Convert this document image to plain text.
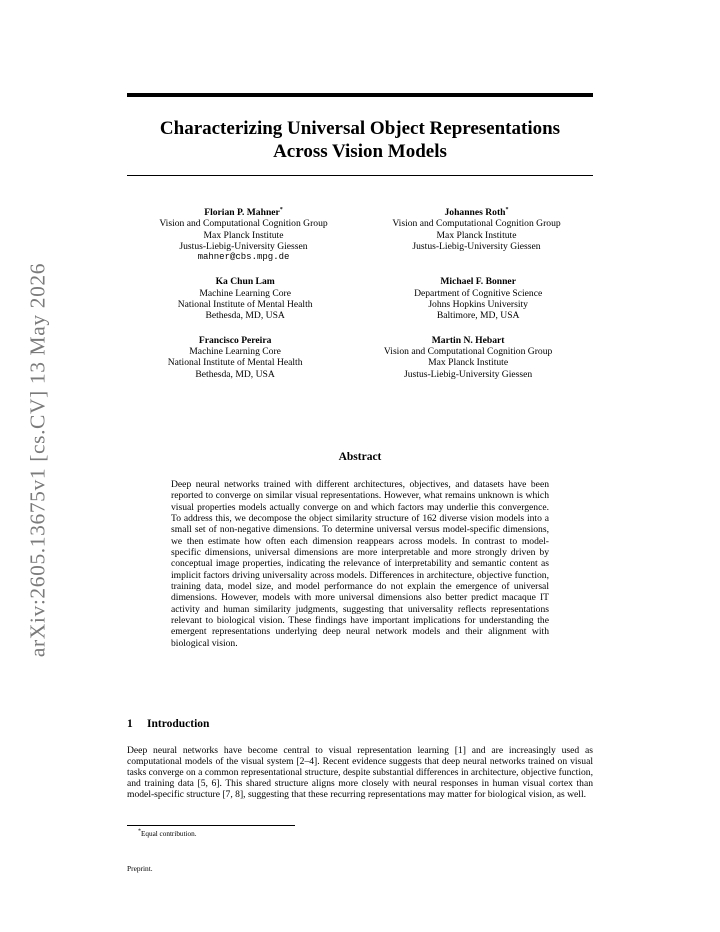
arXiv:2605.13675v1 [cs.CV] 13 May 2026
Characterizing Universal Object Representations
Across Vision Models
Florian P. Mahner*
Vision and Computational Cognition Group
Max Planck Institute
Justus-Liebig-University Giessen
mahner@cbs.mpg.de
Johannes Roth*
Vision and Computational Cognition Group
Max Planck Institute
Justus-Liebig-University Giessen
Ka Chun Lam
Machine Learning Core
National Institute of Mental Health
Bethesda, MD, USA
Michael F. Bonner
Department of Cognitive Science
Johns Hopkins University
Baltimore, MD, USA
Francisco Pereira
Machine Learning Core
National Institute of Mental Health
Bethesda, MD, USA
Martin N. Hebart
Vision and Computational Cognition Group
Max Planck Institute
Justus-Liebig-University Giessen
Abstract
Deep neural networks trained with different architectures, objectives, and datasets have been reported to converge on similar visual representations. However, what remains unknown is which visual properties models actually converge on and which factors may underlie this convergence. To address this, we decompose the object similarity structure of 162 diverse vision models into a small set of non-negative dimensions. To determine universal versus model-specific dimensions, we then estimate how often each dimension reappears across models. In contrast to model-specific dimensions, universal dimensions are more interpretable and more strongly driven by conceptual image properties, indicating the relevance of interpretability and semantic content as implicit factors driving universality across models. Differences in architecture, objective function, training data, model size, and model performance do not explain the emergence of universal dimensions. However, models with more universal dimensions also better predict macaque IT activity and human similarity judgments, suggesting that universality reflects representations relevant to biological vision. These findings have important implications for understanding the emergent representations underlying deep neural network models and their alignment with biological vision.
1 Introduction
Deep neural networks have become central to visual representation learning [1] and are increasingly used as computational models of the visual system [2–4]. Recent evidence suggests that deep neural networks trained on visual tasks converge on a common representational structure, despite substantial differences in architecture, objective function, and training data [5, 6]. This shared structure aligns more closely with neural responses in human visual cortex than model-specific structure [7, 8], suggesting that these recurring representations may matter for biological vision, as well.
*Equal contribution.
Preprint.
